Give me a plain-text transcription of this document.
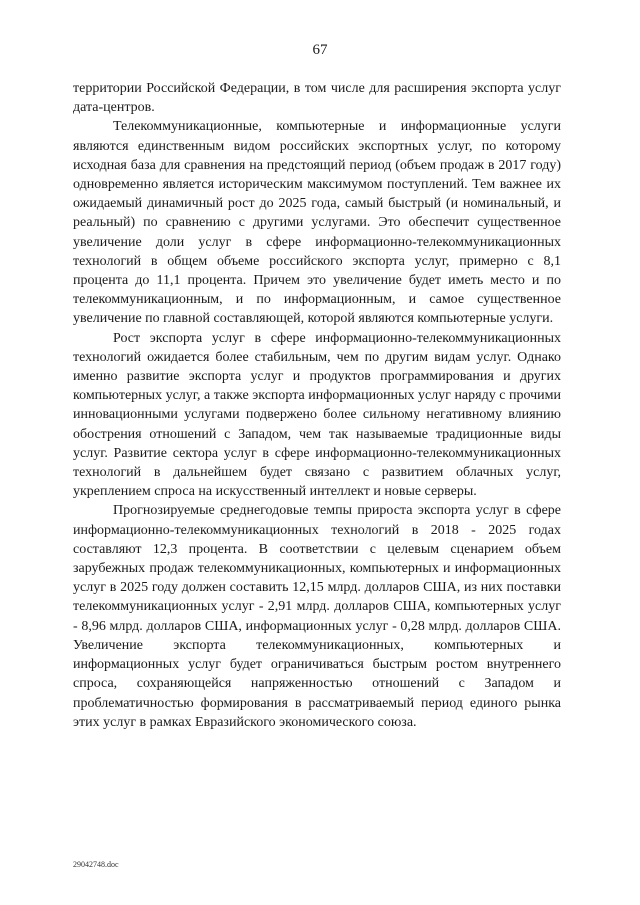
67

территории Российской Федерации, в том числе для расширения экспорта услуг дата-центров.

Телекоммуникационные, компьютерные и информационные услуги являются единственным видом российских экспортных услуг, по которому исходная база для сравнения на предстоящий период (объем продаж в 2017 году) одновременно является историческим максимумом поступлений. Тем важнее их ожидаемый динамичный рост до 2025 года, самый быстрый (и номинальный, и реальный) по сравнению с другими услугами. Это обеспечит существенное увеличение доли услуг в сфере информационно-телекоммуникационных технологий в общем объеме российского экспорта услуг, примерно с 8,1 процента до 11,1 процента. Причем это увеличение будет иметь место и по телекоммуникационным, и по информационным, и самое существенное увеличение по главной составляющей, которой являются компьютерные услуги.

Рост экспорта услуг в сфере информационно-телекоммуникационных технологий ожидается более стабильным, чем по другим видам услуг. Однако именно развитие экспорта услуг и продуктов программирования и других компьютерных услуг, а также экспорта информационных услуг наряду с прочими инновационными услугами подвержено более сильному негативному влиянию обострения отношений с Западом, чем так называемые традиционные виды услуг. Развитие сектора услуг в сфере информационно-телекоммуникационных технологий в дальнейшем будет связано с развитием облачных услуг, укреплением спроса на искусственный интеллект и новые серверы.

Прогнозируемые среднегодовые темпы прироста экспорта услуг в сфере информационно-телекоммуникационных технологий в 2018 - 2025 годах составляют 12,3 процента. В соответствии с целевым сценарием объем зарубежных продаж телекоммуникационных, компьютерных и информационных услуг в 2025 году должен составить 12,15 млрд. долларов США, из них поставки телекоммуникационных услуг - 2,91 млрд. долларов США, компьютерных услуг - 8,96 млрд. долларов США, информационных услуг - 0,28 млрд. долларов США. Увеличение экспорта телекоммуникационных, компьютерных и информационных услуг будет ограничиваться быстрым ростом внутреннего спроса, сохраняющейся напряженностью отношений с Западом и проблематичностью формирования в рассматриваемый период единого рынка этих услуг в рамках Евразийского экономического союза.

29042748.doc
